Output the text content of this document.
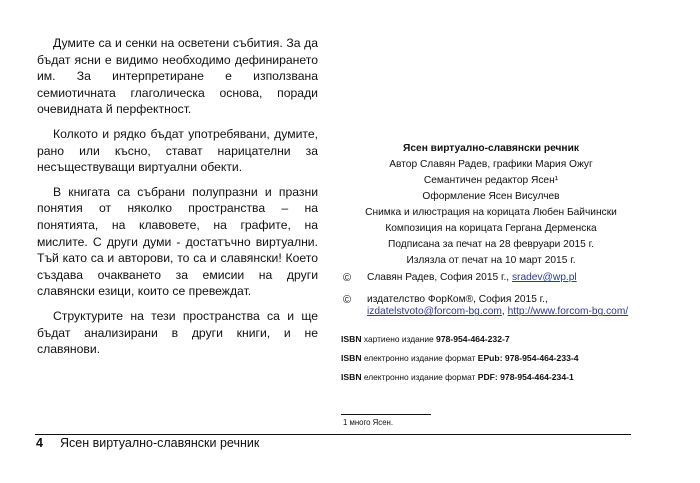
Думите са и сенки на осветени събития. За да бъдат ясни е видимо необходимо дефинирането им. За интерпретиране е използвана семиотичната глаголическа основа, поради очевидната й перфектност.

Колкото и рядко бъдат употребявани, думите, рано или късно, стават нарицателни за несъществуващи виртуални обекти.

В книгата са събрани полупразни и празни понятия от няколко пространства – на понятията, на клавовете, на графите, на мислите. С други думи - достатъчно виртуални. Тъй като са и авторови, то са и славянски! Което създава очакването за емисии на други славянски езици, които се превеждат.

Структурите на тези пространства са и ще бъдат анализирани в други книги, и не славянови.

Ясен виртуално-славянски речник
Автор Славян Радев, графики Мария Ожуг
Семантичен редактор Ясен¹
Оформление Ясен Висулчев
Снимка и илюстрация на корицата Любен Байчински
Композиция на корицата Гергана Дерменска
Подписана за печат на 28 февруари 2015 г.
Излязла от печат на 10 март 2015 г.
© Славян Радев, София 2015 г., sradev@wp.pl
© издателство ФорКом®, София 2015 г.,
izdatelstvoto@forcom-bg.com, http://www.forcom-bg.com/
ISBN хартиено издание 978-954-464-232-7
ISBN електронно издание формат EPub: 978-954-464-233-4
ISBN електронно издание формат PDF: 978-954-464-234-1
1 много Ясен.
4 Ясен виртуално-славянски речник
